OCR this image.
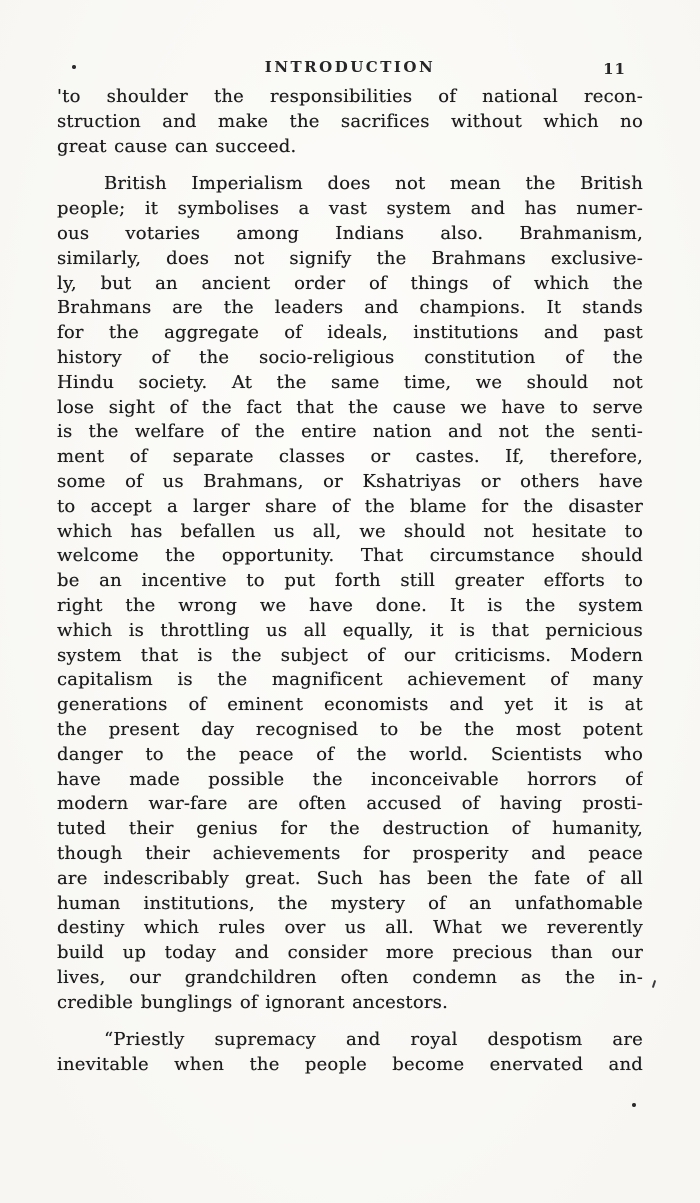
INTRODUCTION	11
'to shoulder the responsibilities of national recon-
struction and make the sacrifices without which no
great cause can succeed.
British Imperialism does not mean the British
people; it symbolises a vast system and has numer-
ous votaries among Indians also. Brahmanism,
similarly, does not signify the Brahmans exclusive-
ly, but an ancient order of things of which the
Brahmans are the leaders and champions. It stands
for the aggregate of ideals, institutions and past
history of the socio-religious constitution of the
Hindu society. At the same time, we should not
lose sight of the fact that the cause we have to serve
is the welfare of the entire nation and not the senti-
ment of separate classes or castes. If, therefore,
some of us Brahmans, or Kshatriyas or others have
to accept a larger share of the blame for the disaster
which has befallen us all, we should not hesitate to
welcome the opportunity. That circumstance should
be an incentive to put forth still greater efforts to
right the wrong we have done. It is the system
which is throttling us all equally, it is that pernicious
system that is the subject of our criticisms. Modern
capitalism is the magnificent achievement of many
generations of eminent economists and yet it is at
the present day recognised to be the most potent
danger to the peace of the world. Scientists who
have made possible the inconceivable horrors of
modern war-fare are often accused of having prosti-
tuted their genius for the destruction of humanity,
though their achievements for prosperity and peace
are indescribably great. Such has been the fate of all
human institutions, the mystery of an unfathomable
destiny which rules over us all. What we reverently
build up today and consider more precious than our
lives, our grandchildren often condemn as the in-
credible bunglings of ignorant ancestors.
“Priestly supremacy and royal despotism are
inevitable when the people become enervated and
